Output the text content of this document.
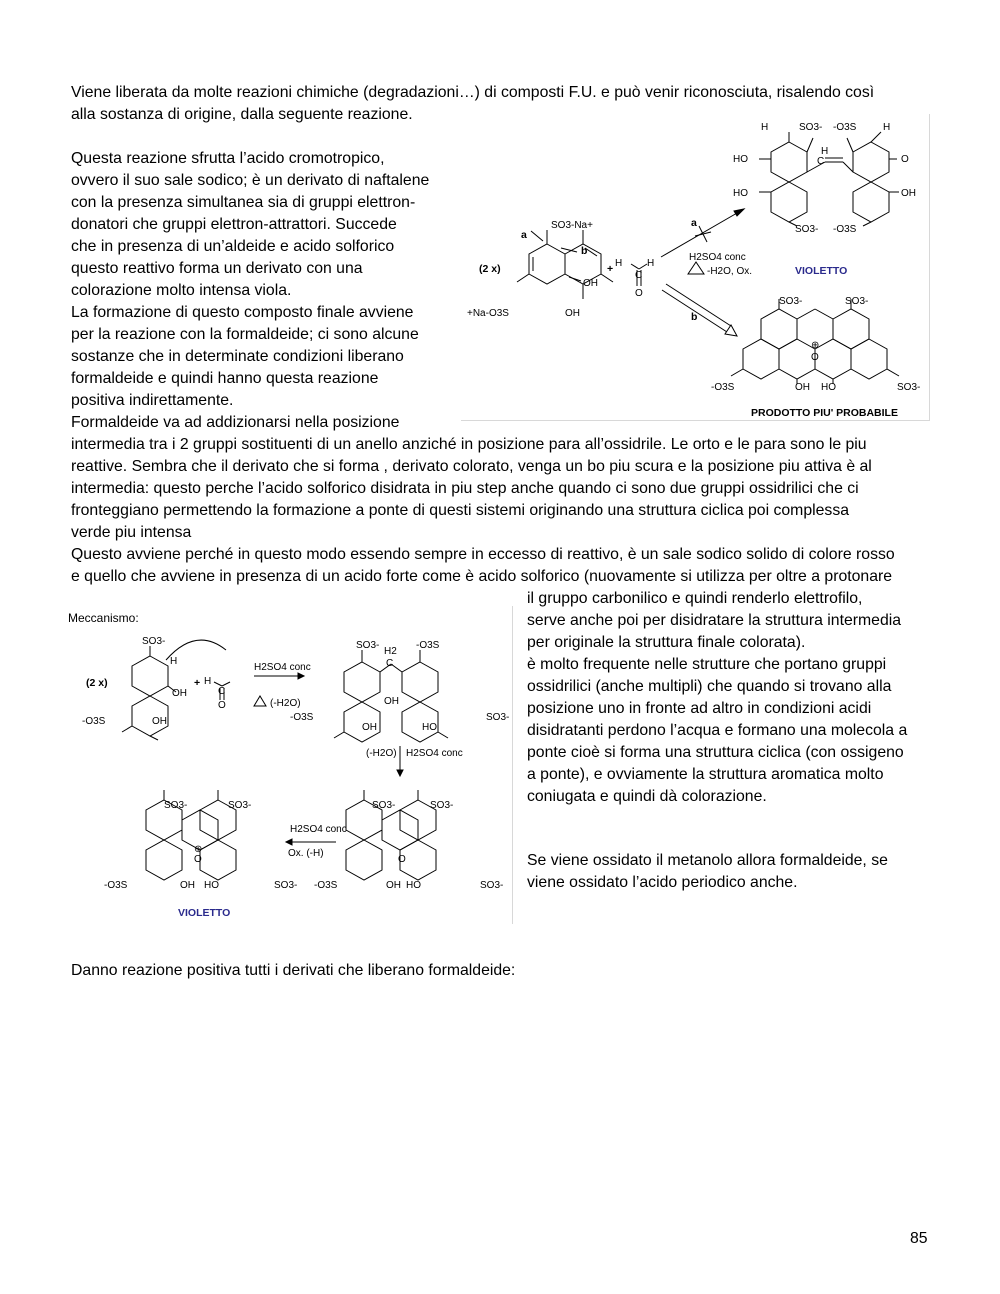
Viene liberata da molte reazioni chimiche (degradazioni…) di composti F.U. e può venir riconosciuta, risalendo così
alla sostanza di origine, dalla seguente reazione.

Questa reazione sfrutta l’acido cromotropico,
ovvero il suo sale sodico; è un derivato di naftalene
con la presenza simultanea sia di gruppi elettron-
donatori che gruppi elettron-attrattori. Succede
che in presenza di un’aldeide e acido solforico
questo reattivo forma un derivato con una
colorazione molto intensa viola.
La formazione di questo composto finale avviene
per la reazione con la formaldeide; ci sono alcune
sostanze che in determinate condizioni liberano
formaldeide e quindi hanno questa reazione
positiva indirettamente.
Formaldeide va ad addizionarsi nella posizione

intermedia tra i 2 gruppi sostituenti di un anello anziché in posizione para all’ossidrile. Le orto e le para sono le piu
reattive. Sembra che il derivato che si forma , derivato colorato, venga un bo piu scura e la posizione piu attiva è al
intermedia: questo perche l’acido solforico disidrata in piu step anche quando ci sono due gruppi ossidrilici che ci
fronteggiano permettendo la formazione a ponte di questi sistemi originando una struttura ciclica poi complessa
verde piu intensa
Questo avviene perché in questo modo essendo sempre in eccesso di reattivo, è un sale sodico solido di colore rosso
e quello che avviene in presenza di un acido forte come è acido solforico (nuovamente si utilizza per oltre a protonare

il gruppo carbonilico e quindi renderlo elettrofilo,
serve anche poi per disidratare la struttura intermedia
per originale la struttura finale colorata).
è molto frequente nelle strutture che portano gruppi
ossidrilici (anche multipli) che quando si trovano alla
posizione uno in fronte ad altro in condizioni acidi
disidratanti perdono l’acqua e formano una molecola a
ponte cioè si forma una struttura ciclica (con ossigeno
a ponte), e ovviamente la struttura aromatica molto
coniugata e quindi dà colorazione.

Se viene ossidato il metanolo allora formaldeide, se
viene ossidato l’acido periodico anche.

Danno reazione positiva tutti i derivati che liberano formaldeide:

85
(2 x)
a
b
SO3-Na+
+Na-O3S
OH
OH
+ H H
C
O
a
H2SO4 conc
-H2O, Ox.
b
H	SO3- -O3S	H
H
C
HO
HO
O
OH
SO3- -O3S
VIOLETTO
SO3-	SO3-
⊕
O
-O3S	OH HO	SO3-
PRODOTTO PIU' PROBABILE
Meccanismo:
(2 x)
SO3-
H
OH
OH
-O3S
+ H
C
O
H2SO4 conc
(-H2O)
SO3-	-O3S
H2
C
OH
OH	HO
-O3S	SO3-
(-H2O) H2SO4 conc
SO3-	SO3-
O
-O3S	OH HO	SO3-
H2SO4 conc
Ox. (-H)
SO3-	SO3-
⊕
O
-O3S	OH HO	SO3-
VIOLETTO
